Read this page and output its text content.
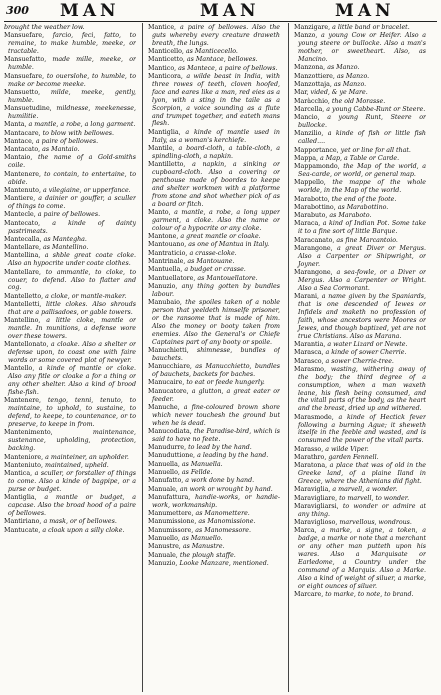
300 MAN	MAN	MAN

brought the weather low.

Mansuefare, farcio, feci, fatto, to remaine, to make humble, meeke, or tractable.

Mansuefatto, made mille, meeke, or humble.

Mansuefare, to ouerslohe, to humble, to make or become meeke.

Mansuetto, milde, meeke, gently, humble.

Mansuetudine, mildnesse, meekenesse, humilitie.

Manta, a mantle, a robe, a long garment.

Mantacare, to blow with bellowes.

Mantace, a paire of bellowes.

Mantacato, as Mantaio.

Mantaio, the name of a Gold-smiths coile.

Mantenere, to contain, to entertaine, to abide.

Mantenuto, a vilegiaine, or upperfance.

Mantiere, a dainier or gouffer, a sculler of things to come.

Mantecle, a paire of bellowes.

Mantecato, a kinde of dainty pastrimeats.

Mantecalla, as Mantegha.

Mantellare, as Mantellino.

Mantellina, a shble great coate cloke. Also an hypocrite under coate clothes.

Mantellare, to ammantle, to cloke, to couer, to defend. Also to flatter and cog.

Mantelletto, a cloke, or mantle-maker.

Mantelletti, little clokes. Also shrouds that are a pallisadoes, or gable towers.

Mantellino, a little cloke, mantle or mantle. In munitions, a defense wore over these towers.

Mantellonato, a cloake. Also a shelter or defense upon, to coast one with faire words or some covered plot of newyer.

Mantello, a kinde of mantle or cloke. Also any fitle or cloake a for a thing or any other shelter. Also a kind of brood fishe-fish.

Mantenere, tengo, tenni, tenuto, to maintaine, to uphold, to sustaine, to defend, to keepe, to countenance, or to preserve, to keepe in from.

Mantenimento, maintenance, sustenance, upholding, protection, backing.

Manteniore, a mainteiner, an upholder.

Manteniuto, maintained, upheld.

Mantica, a sculler, or forstaller of things to come. Also a kinde of bagpipe, or a purse or budget.

Mantiglia, a mantle or budget, a capcase. Also the broad hood of a paire of bellowes.

Mantiriano, a mask, or of bellowes.

Mantucate, a cloak upon a silly cloke.

Mantice, a paire of bellowes. Also the guts whereby every creature draweth breath, the lungs.

Manticello, as Manticecello.

Manticetto, as Mantace, bellowes.

Mantico, as Mantece, a paire of bellows.

Manticora, a wilde beast in India, with three rowes of teeth, cloven hoofed, face and eares like a man, red eies as a lyon, with a sting in the taile as a Scorpion, a voice sounding as a flute and trumpet together, and eateth mans flesh.

Mantiglia, a kinde of mantle used in Italy, as a woman's kerchiefe.

Mantile, a board-cloth, a table-cloth, a spindling-cloth, a napkin.

Mantilletto, a napkin, a sinking or cupboard-cloth. Also a covering or penthouse made of boordes to keepe and shelter workmen with a platforme from stone and shot whether pick of as a board or fitch.

Manto, a mantle, a robe, a long upper garment, a cloke. Also the name or colour of a hypocrite or any cloke.

Mantone, a great mantle or cloake.

Mantouano, as one of Mantua in Italy.

Mantraticio, a crasse-cloke.

Mantrinale, as Mantouane.

Mantuella, a budget or crasse.

Mantuellatore, as Mantouellatore.

Manuzio, any thing gotten by bundles labour.

Manubaio, the spoiles taken of a noble person that yeeldeth himselfe prisoner, or the ransome that is made of him. Also the money or booty taken from enemies. Also the General's or Chiefe Captaines part of any booty or spoile.

Manuchietti, shimnesse, bundles of bauchets.

Manucchiare, as Manucchietto, bundles of bauchets, backets for baches.

Manucaire, to eat or feede hungerly.

Manucatore, a glutton, a great eater or feeder.

Manuche, a fine-coloured brown shore which never touchesh the ground but when he is dead.

Manucodiata, the Paradise-bird, which is said to have no feete.

Manudurre, to lead by the hand.

Manuduttione, a leading by the hand.

Manuella, as Manuella.

Manuello, as Fellde.

Manufatto, a work done by hand.

Manuale, an work or wrought by hand.

Manufattura, handie-works, or handie-work, workmanship.

Manumettere, as Manomettere.

Manumissione, as Manomissione.

Manumissore, as Manomessore.

Manuello, as Manuello.

Manustre, as Manustre.

Manuale, the plough staffe.

Manuzio, Looke Manzare, mentioned.

Manzigare, a little band or bracelet.

Manzo, a young Cow or Heifer. Also a young steere or bullocke. Also a man's mother, or sweetheart. Also, as Mancino.

Manzona, as Manzo.

Manzottiere, as Manzo.

Manzottaja, as Manzo.

Mar, vided, & ye Mare.

Maràcchio, the old Morasse.

Marcella, a young Cabbe-Runt or Steere.

Mancio, a young Runt, Steere or bullocke.

Manzilio, a kinde of fish or little fish called....

Mapportance, yet or line for all that.

Mappa, a Map, a Table or Carde.

Mappamondo, the Map of the world, a Sea-carde, or world, or general map.

Mappello, the mappe of the whole worlde, in the Map of the world.

Marabotto, the end of the foote.

Marabottino, as Marabottino.

Marabuto, as Maraboto.

Maraca, a kind of Indian Pot. Some take it to a fine sort of little Barque.

Maracanato, as fine Marcantoio.

Marangone, a great Diver or Mergus. Also a Carpenter or Shipwright, or Joyner.

Marangone, a sea-fowle, or a Diver or Mergus. Also a Carpenter or Wright. Also a Sea Cormorant.

Marani, a name given by the Spaniards, that is one descended of Iewes or Infidels and maketh no profession of faith, whose ancestors were Moores or Jewes, and though baptized, yet are not true Christians. Also as Marana.

Marantia, a water Lizard or Newte.

Marasca, a kinde of sower Cherrie.

Marasco, a sower Cherrie-tree.

Marasmo, wasting, withering away of the body; the third degree of a consumption, when a man waxeth leane, his flesh being consumed, and the vitall parts of the body, as the heart and the breast, dried up and withered.

Marasmode, a kinde of Hectick fever following a burning Ague; it sheweth itselfe in the feeble and wasted, and is consumed the power of the vitall parts.

Marasso, a wilde Viper.

Marathro, garden Fennell.

Maratona, a place that was of old in the Greeke land, of a plaine Iland in Greece, where the Athenians did fight.

Maraviglia, a marvell, a wonder.

Maravigliare, to marvell, to wonder.

Maravigliarsi, to wonder or admire at any thing.

Maraviglioso, marvellous, wondrous.

Marca, a marke, a signe, a token, a badge, a marke or note that a merchant or any other man putteth upon his wares. Also a Marquisate or Earledome, a Country under the command of a Marquis. Also a Marke. Also a kind of weight of siluer, a marke, or eight ounces of siluer.

Marcare, to marke, to note, to brand.
